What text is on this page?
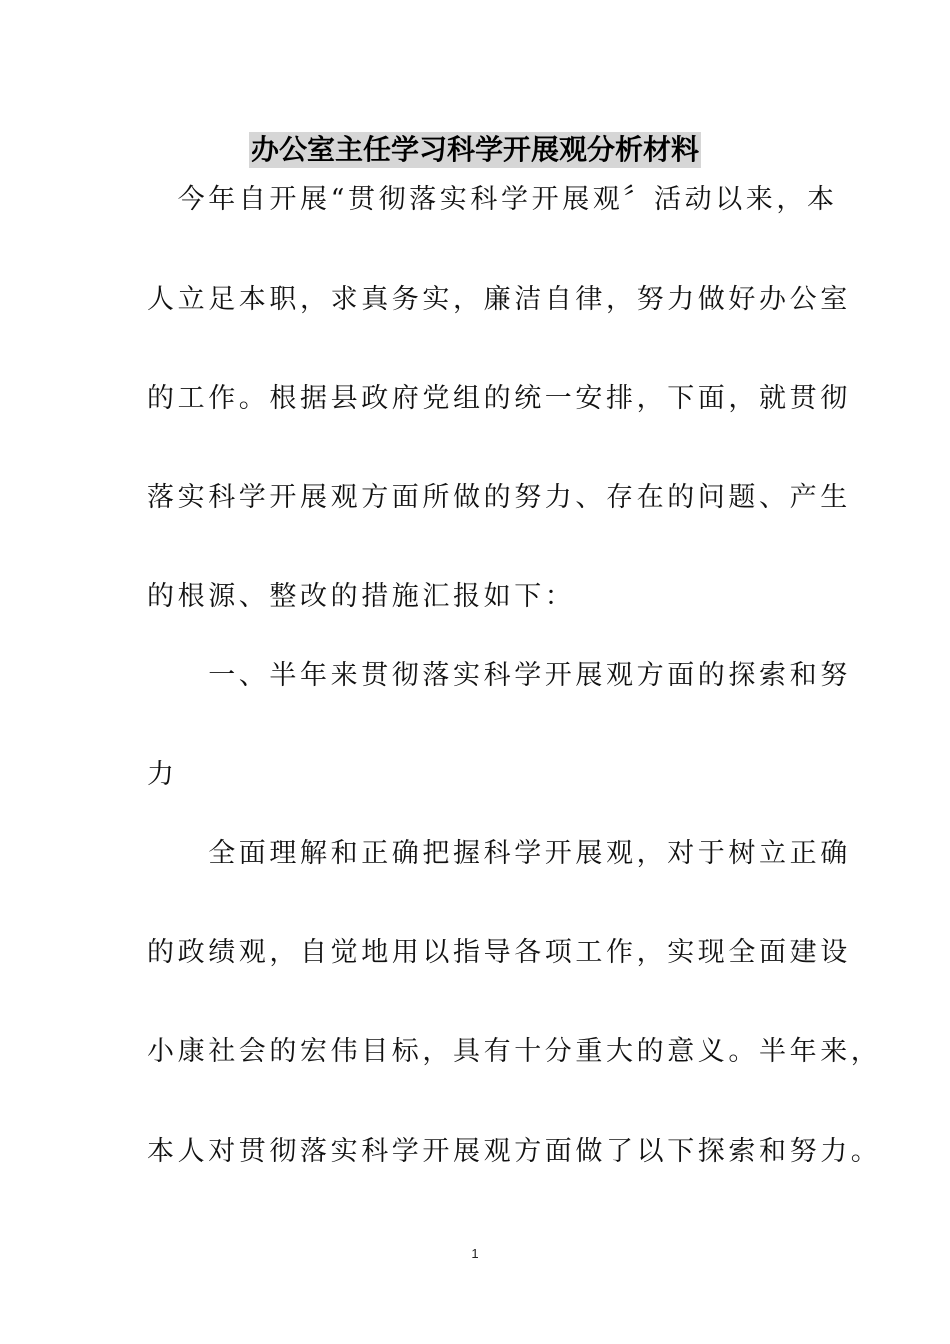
办公室主任学习科学开展观分析材料
　今年自开展“贯彻落实科学开展观〞活动以来，本
人立足本职，求真务实，廉洁自律，努力做好办公室
的工作。根据县政府党组的统一安排，下面，就贯彻
落实科学开展观方面所做的努力、存在的问题、产生
的根源、整改的措施汇报如下：
　　一、半年来贯彻落实科学开展观方面的探索和努
力
　　全面理解和正确把握科学开展观，对于树立正确
的政绩观，自觉地用以指导各项工作，实现全面建设
小康社会的宏伟目标，具有十分重大的意义。半年来，
本人对贯彻落实科学开展观方面做了以下探索和努力。
1
